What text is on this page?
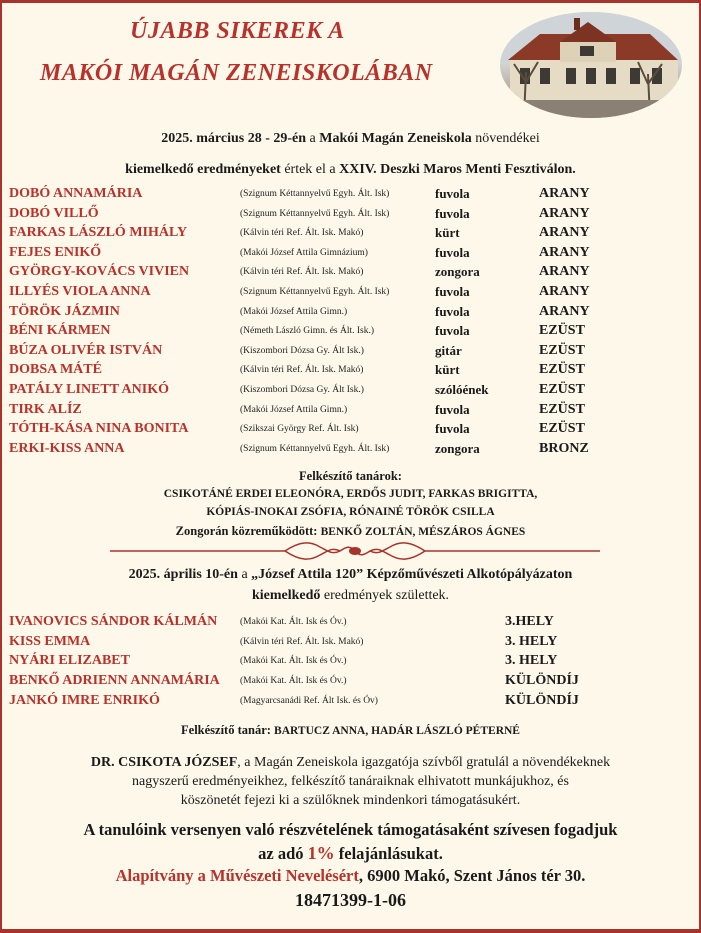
ÚJABB SIKEREK A
MAKÓI MAGÁN ZENEISKOLÁBAN
2025. március 28 - 29-én a Makói Magán Zeneiskola növendékei
kiemelkedő eredményeket értek el a XXIV. Deszki Maros Menti Fesztiválon.
DOBÓ ANNAMÁRIA	(Szignum Kéttannyelvű Egyh. Ált. Isk)	fuvola	ARANY
DOBÓ VILLŐ	(Szignum Kéttannyelvű Egyh. Ált. Isk)	fuvola	ARANY
FARKAS LÁSZLÓ MIHÁLY	(Kálvin téri Ref. Ált. Isk. Makó)	kürt	ARANY
FEJES ENIKŐ	(Makói József Attila Gimnázium)	fuvola	ARANY
GYÖRGY-KOVÁCS VIVIEN	(Kálvin téri Ref. Ált. Isk. Makó)	zongora	ARANY
ILLYÉS VIOLA ANNA	(Szignum Kéttannyelvű Egyh. Ált. Isk)	fuvola	ARANY
TÖRÖK JÁZMIN	(Makói József Attila Gimn.)	fuvola	ARANY
BÉNI KÁRMEN	(Németh László Gimn. és Ált. Isk.)	fuvola	EZÜST
BÚZA OLIVÉR ISTVÁN	(Kiszombori Dózsa Gy. Ált Isk.)	gitár	EZÜST
DOBSA MÁTÉ	(Kálvin téri Ref. Ált. Isk. Makó)	kürt	EZÜST
PATÁLY LINETT ANIKÓ	(Kiszombori Dózsa Gy. Ált Isk.)	szólóének	EZÜST
TIRK ALÍZ	(Makói József Attila Gimn.)	fuvola	EZÜST
TÓTH-KÁSA NINA BONITA	(Szikszai György Ref. Ált. Isk)	fuvola	EZÜST
ERKI-KISS ANNA	(Szignum Kéttannyelvű Egyh. Ált. Isk)	zongora	BRONZ
Felkészítő tanárok:
CSIKOTÁNÉ ERDEI ELEONÓRA, ERDŐS JUDIT, FARKAS BRIGITTA,
KÓPIÁS-INOKAI ZSÓFIA, RÓNAINÉ TÖRÖK CSILLA
Zongorán közreműködött: BENKŐ ZOLTÁN, MÉSZÁROS ÁGNES
2025. április 10-én a „József Attila 120” Képzőművészeti Alkotópályázaton
kiemelkedő eredmények születtek.
IVANOVICS SÁNDOR KÁLMÁN (Makói Kat. Ált. Isk és Óv.)	3.HELY
KISS EMMA	(Kálvin téri Ref. Ált. Isk. Makó)	3. HELY
NYÁRI ELIZABET	(Makói Kat. Ált. Isk és Óv.)	3. HELY
BENKŐ ADRIENN ANNAMÁRIA (Makói Kat. Ált. Isk és Óv.)	KÜLÖNDÍJ
JANKÓ IMRE ENRIKÓ	(Magyarcsanádi Ref. Ált Isk. és Óv)	KÜLÖNDÍJ
Felkészítő tanár: BARTUCZ ANNA, HADÁR LÁSZLÓ PÉTERNÉ
DR. CSIKOTA JÓZSEF, a Magán Zeneiskola igazgatója szívből gratulál a növendékeknek
nagyszerű eredményeikhez, felkészítő tanáraiknak elhivatott munkájukhoz, és
köszönetét fejezi ki a szülőknek mindenkori támogatásukért.
A tanulóink versenyen való részvételének támogatásaként szívesen fogadjuk
az adó 1% felajánlásukat.
Alapítvány a Művészeti Nevelésért, 6900 Makó, Szent János tér 30.
18471399-1-06
